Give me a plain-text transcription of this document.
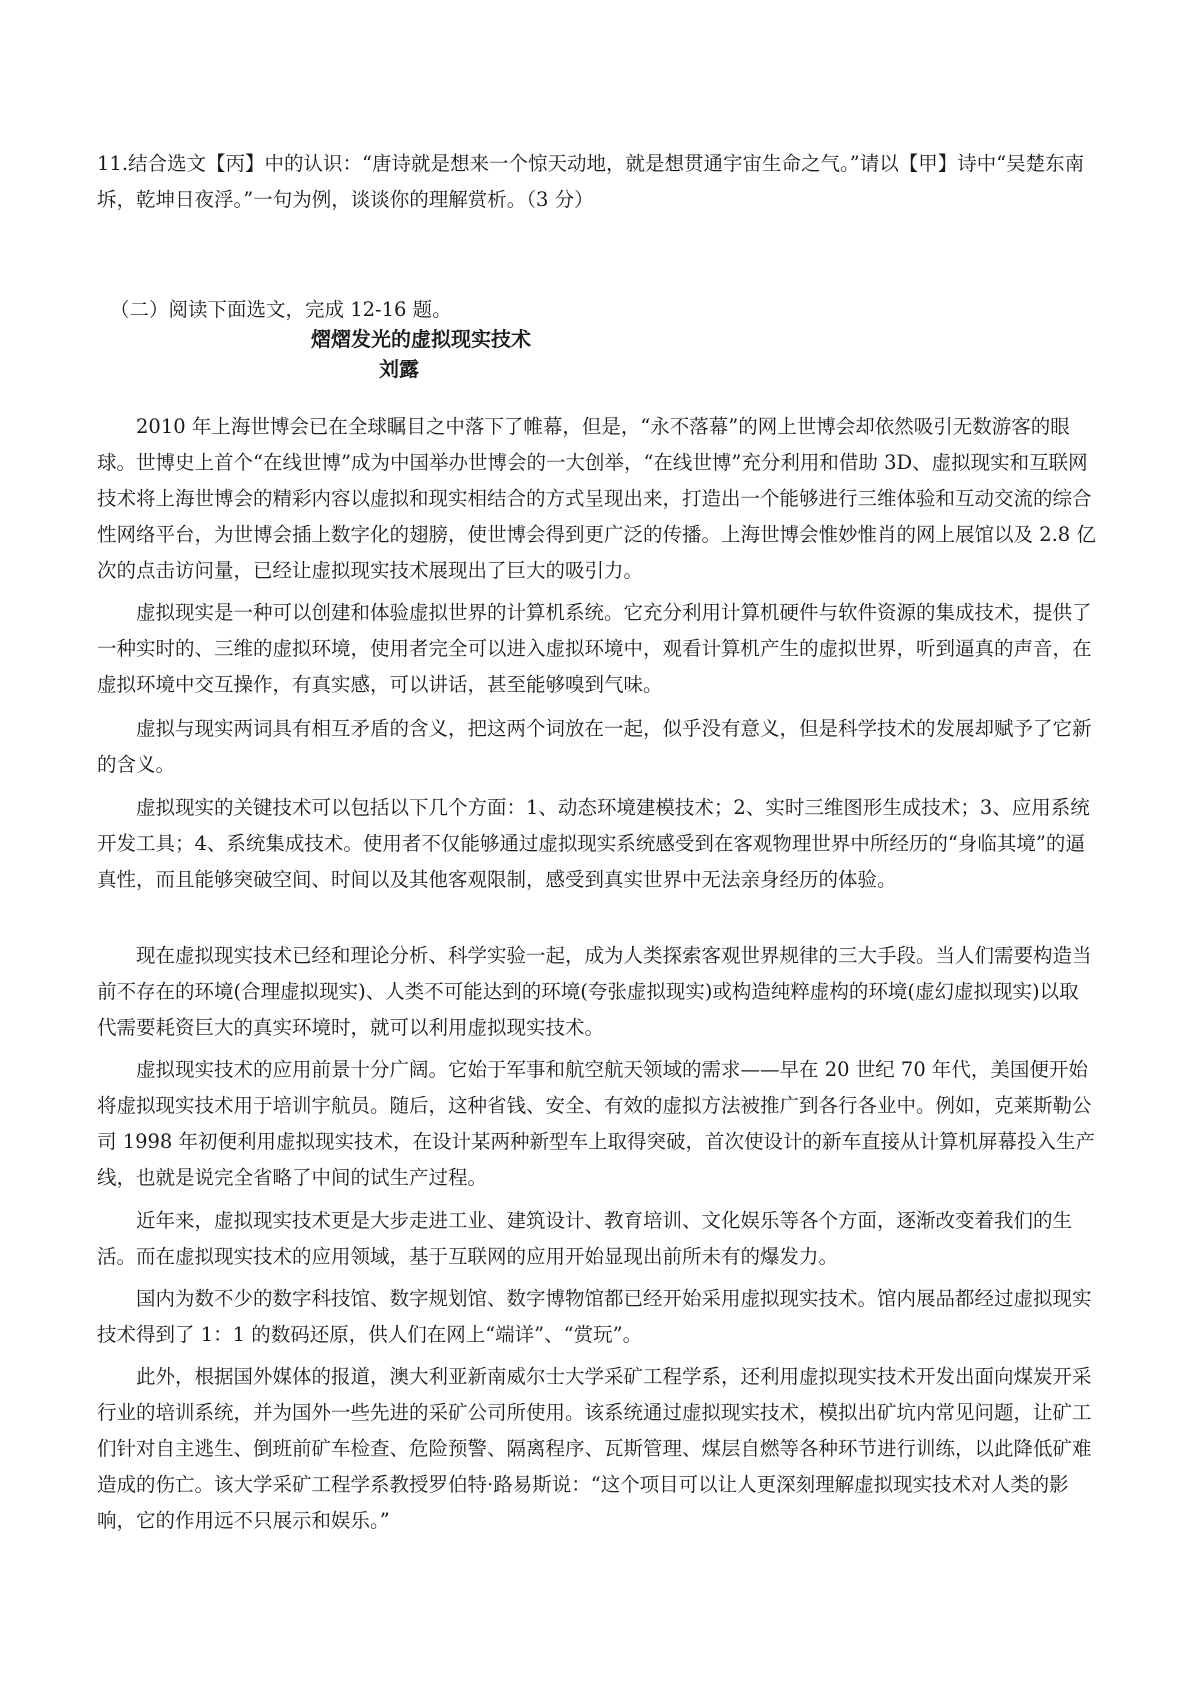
11.结合选文【丙】中的认识：“唐诗就是想来一个惊天动地，就是想贯通宇宙生命之气。”请以【甲】诗中“吴楚东南坼，乾坤日夜浮。”一句为例，谈谈你的理解赏析。（3 分）

（二）阅读下面选文，完成 12-16 题。

熠熠发光的虚拟现实技术

刘露

2010 年上海世博会已在全球瞩目之中落下了帷幕，但是，“永不落幕”的网上世博会却依然吸引无数游客的眼球。世博史上首个“在线世博”成为中国举办世博会的一大创举，“在线世博”充分利用和借助 3D、虚拟现实和互联网技术将上海世博会的精彩内容以虚拟和现实相结合的方式呈现出来，打造出一个能够进行三维体验和互动交流的综合性网络平台，为世博会插上数字化的翅膀，使世博会得到更广泛的传播。上海世博会惟妙惟肖的网上展馆以及 2.8 亿次的点击访问量，已经让虚拟现实技术展现出了巨大的吸引力。

虚拟现实是一种可以创建和体验虚拟世界的计算机系统。它充分利用计算机硬件与软件资源的集成技术，提供了一种实时的、三维的虚拟环境，使用者完全可以进入虚拟环境中，观看计算机产生的虚拟世界，听到逼真的声音，在虚拟环境中交互操作，有真实感，可以讲话，甚至能够嗅到气味。

虚拟与现实两词具有相互矛盾的含义，把这两个词放在一起，似乎没有意义，但是科学技术的发展却赋予了它新的含义。

虚拟现实的关键技术可以包括以下几个方面：1、动态环境建模技术；2、实时三维图形生成技术；3、应用系统开发工具；4、系统集成技术。使用者不仅能够通过虚拟现实系统感受到在客观物理世界中所经历的“身临其境”的逼真性，而且能够突破空间、时间以及其他客观限制，感受到真实世界中无法亲身经历的体验。

现在虚拟现实技术已经和理论分析、科学实验一起，成为人类探索客观世界规律的三大手段。当人们需要构造当前不存在的环境(合理虚拟现实)、人类不可能达到的环境(夸张虚拟现实)或构造纯粹虚构的环境(虚幻虚拟现实)以取代需要耗资巨大的真实环境时，就可以利用虚拟现实技术。

虚拟现实技术的应用前景十分广阔。它始于军事和航空航天领域的需求——早在 20 世纪 70 年代，美国便开始将虚拟现实技术用于培训宇航员。随后，这种省钱、安全、有效的虚拟方法被推广到各行各业中。例如，克莱斯勒公司 1998 年初便利用虚拟现实技术，在设计某两种新型车上取得突破，首次使设计的新车直接从计算机屏幕投入生产线，也就是说完全省略了中间的试生产过程。

近年来，虚拟现实技术更是大步走进工业、建筑设计、教育培训、文化娱乐等各个方面，逐渐改变着我们的生活。而在虚拟现实技术的应用领域，基于互联网的应用开始显现出前所未有的爆发力。

国内为数不少的数字科技馆、数字规划馆、数字博物馆都已经开始采用虚拟现实技术。馆内展品都经过虚拟现实技术得到了 1：1 的数码还原，供人们在网上“端详”、“赏玩”。

此外，根据国外媒体的报道，澳大利亚新南威尔士大学采矿工程学系，还利用虚拟现实技术开发出面向煤炭开采行业的培训系统，并为国外一些先进的采矿公司所使用。该系统通过虚拟现实技术，模拟出矿坑内常见问题，让矿工们针对自主逃生、倒班前矿车检查、危险预警、隔离程序、瓦斯管理、煤层自燃等各种环节进行训练，以此降低矿难造成的伤亡。该大学采矿工程学系教授罗伯特·路易斯说：“这个项目可以让人更深刻理解虚拟现实技术对人类的影响，它的作用远不只展示和娱乐。”
